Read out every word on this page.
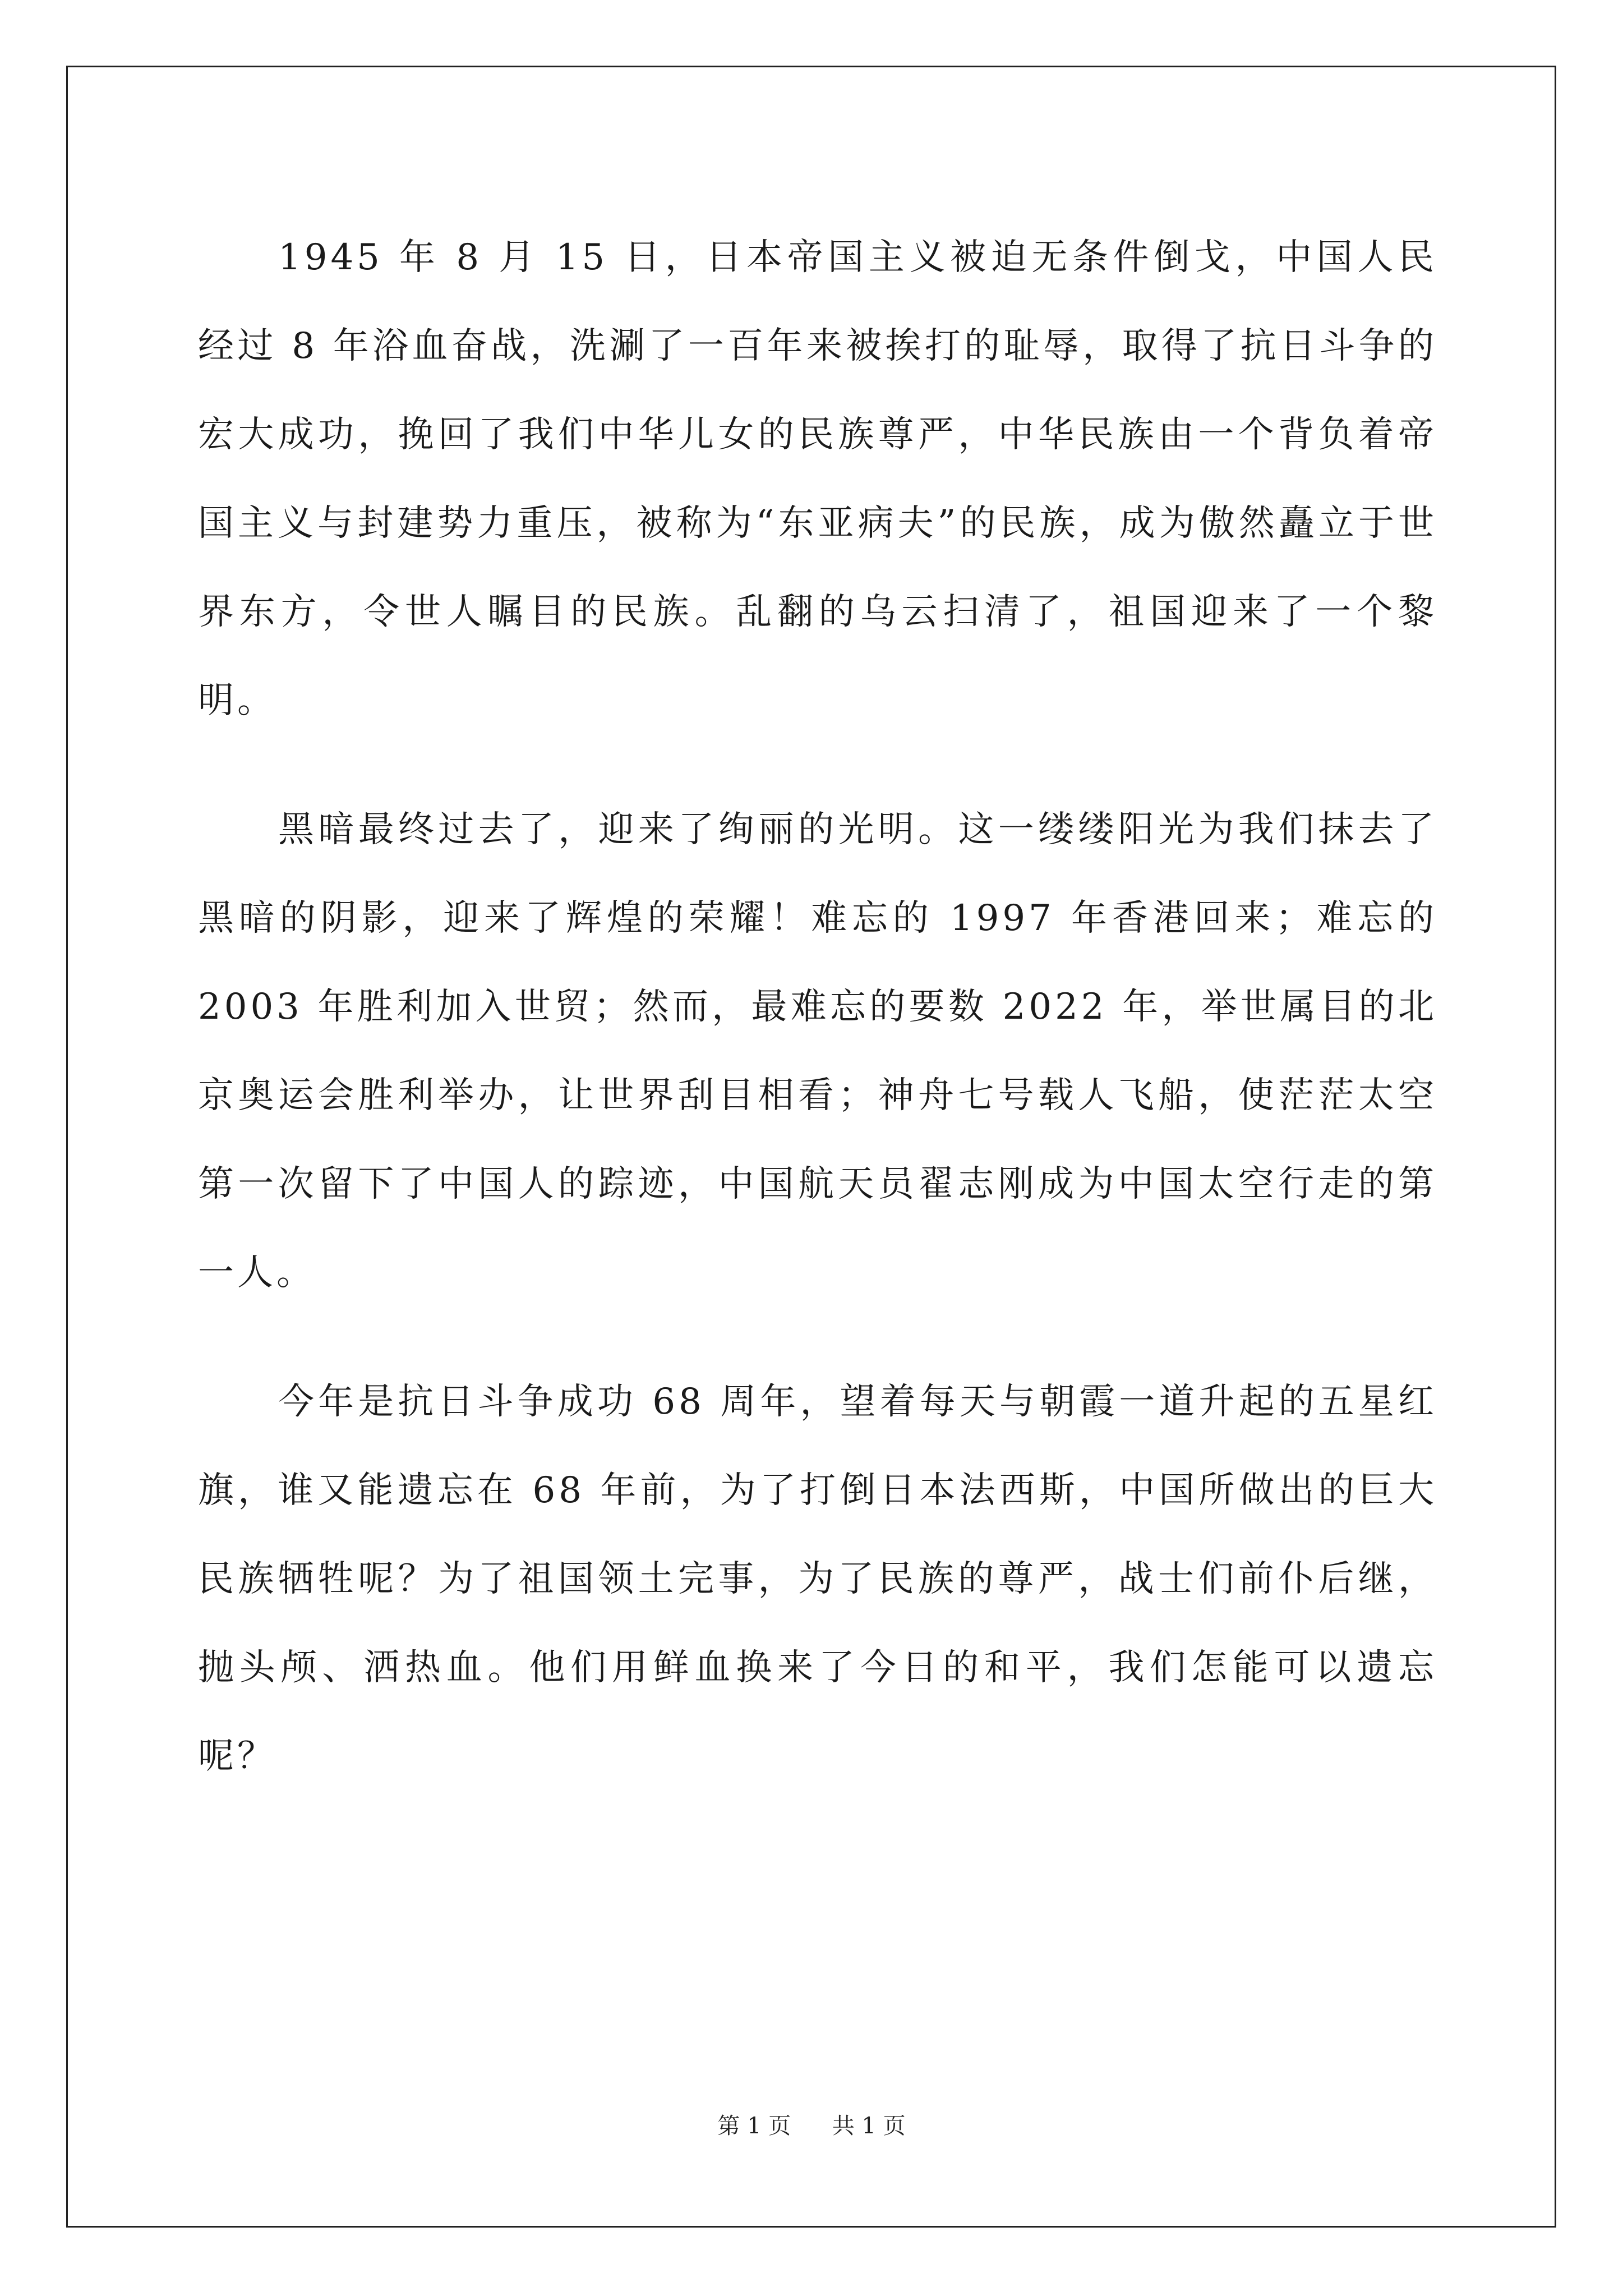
1945 年 8 月 15 日，日本帝国主义被迫无条件倒戈，中国人民经过 8 年浴血奋战，洗涮了一百年来被挨打的耻辱，取得了抗日斗争的宏大成功，挽回了我们中华儿女的民族尊严，中华民族由一个背负着帝国主义与封建势力重压，被称为“东亚病夫”的民族，成为傲然矗立于世界东方，令世人瞩目的民族。乱翻的乌云扫清了，祖国迎来了一个黎明。

黑暗最终过去了，迎来了绚丽的光明。这一缕缕阳光为我们抹去了黑暗的阴影，迎来了辉煌的荣耀！难忘的 1997 年香港回来；难忘的 2003 年胜利加入世贸；然而，最难忘的要数 2022 年，举世属目的北京奥运会胜利举办，让世界刮目相看；神舟七号载人飞船，使茫茫太空第一次留下了中国人的踪迹，中国航天员翟志刚成为中国太空行走的第一人。

今年是抗日斗争成功 68 周年，望着每天与朝霞一道升起的五星红旗，谁又能遗忘在 68 年前，为了打倒日本法西斯，中国所做出的巨大民族牺牲呢？为了祖国领土完事，为了民族的尊严，战士们前仆后继，抛头颅、洒热血。他们用鲜血换来了今日的和平，我们怎能可以遗忘呢？

第 1 页 共 1 页
